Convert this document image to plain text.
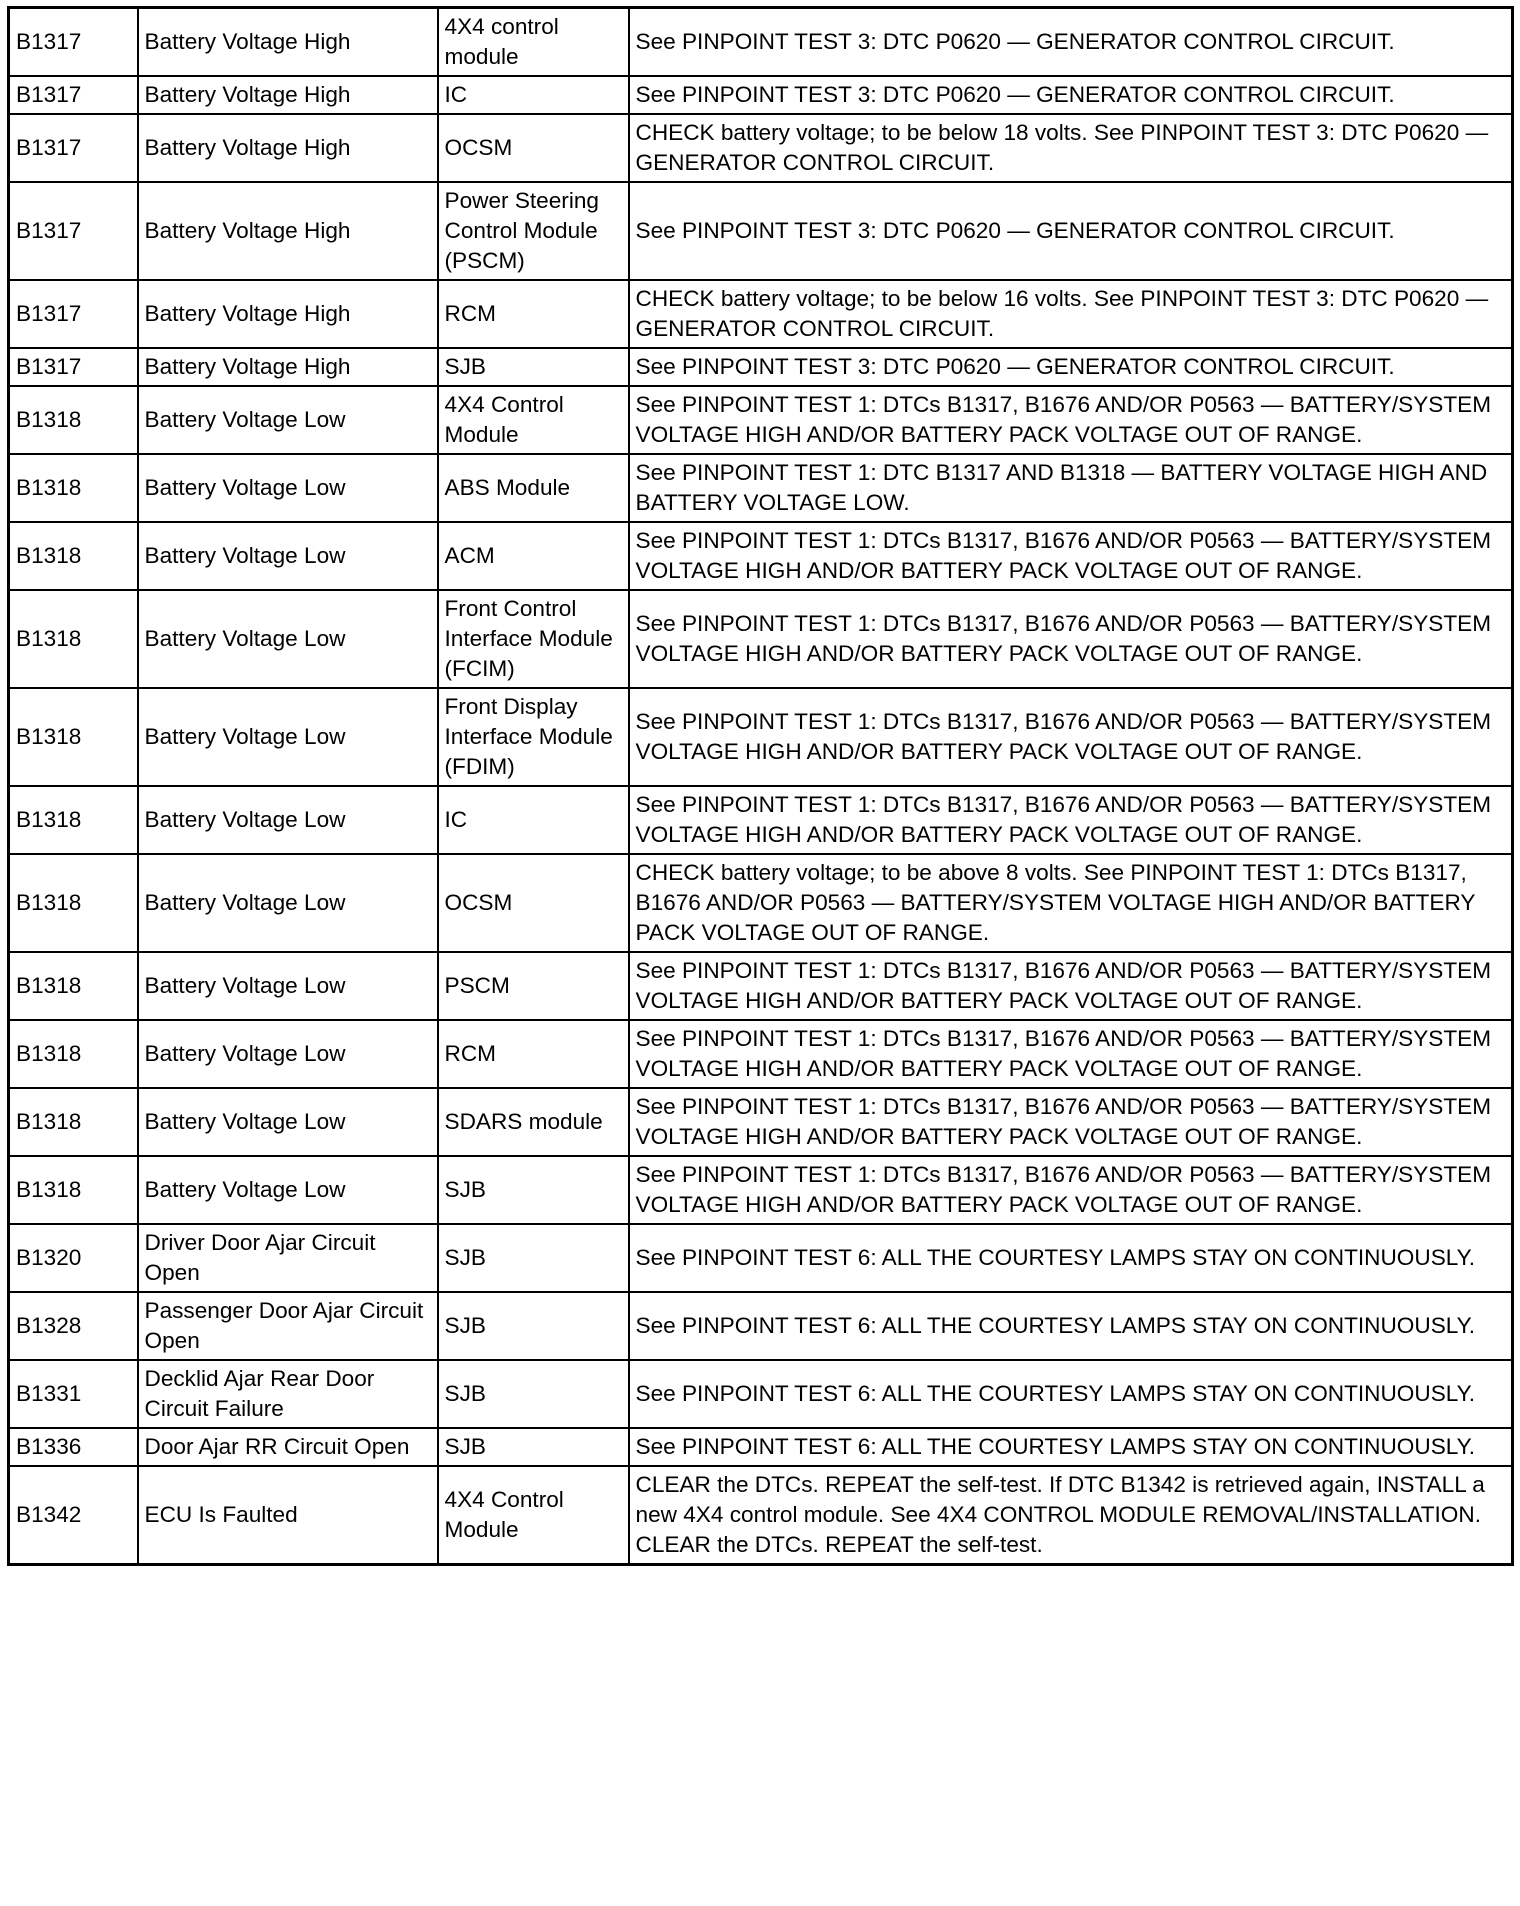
B1317	Battery Voltage High	4X4 control module	See PINPOINT TEST 3: DTC P0620 — GENERATOR CONTROL CIRCUIT.
B1317	Battery Voltage High	IC	See PINPOINT TEST 3: DTC P0620 — GENERATOR CONTROL CIRCUIT.
B1317	Battery Voltage High	OCSM	CHECK battery voltage; to be below 18 volts. See PINPOINT TEST 3: DTC P0620 — GENERATOR CONTROL CIRCUIT.
B1317	Battery Voltage High	Power Steering Control Module (PSCM)	See PINPOINT TEST 3: DTC P0620 — GENERATOR CONTROL CIRCUIT.
B1317	Battery Voltage High	RCM	CHECK battery voltage; to be below 16 volts. See PINPOINT TEST 3: DTC P0620 — GENERATOR CONTROL CIRCUIT.
B1317	Battery Voltage High	SJB	See PINPOINT TEST 3: DTC P0620 — GENERATOR CONTROL CIRCUIT.
B1318	Battery Voltage Low	4X4 Control Module	See PINPOINT TEST 1: DTCs B1317, B1676 AND/OR P0563 — BATTERY/SYSTEM VOLTAGE HIGH AND/OR BATTERY PACK VOLTAGE OUT OF RANGE.
B1318	Battery Voltage Low	ABS Module	See PINPOINT TEST 1: DTC B1317 AND B1318 — BATTERY VOLTAGE HIGH AND BATTERY VOLTAGE LOW.
B1318	Battery Voltage Low	ACM	See PINPOINT TEST 1: DTCs B1317, B1676 AND/OR P0563 — BATTERY/SYSTEM VOLTAGE HIGH AND/OR BATTERY PACK VOLTAGE OUT OF RANGE.
B1318	Battery Voltage Low	Front Control Interface Module (FCIM)	See PINPOINT TEST 1: DTCs B1317, B1676 AND/OR P0563 — BATTERY/SYSTEM VOLTAGE HIGH AND/OR BATTERY PACK VOLTAGE OUT OF RANGE.
B1318	Battery Voltage Low	Front Display Interface Module (FDIM)	See PINPOINT TEST 1: DTCs B1317, B1676 AND/OR P0563 — BATTERY/SYSTEM VOLTAGE HIGH AND/OR BATTERY PACK VOLTAGE OUT OF RANGE.
B1318	Battery Voltage Low	IC	See PINPOINT TEST 1: DTCs B1317, B1676 AND/OR P0563 — BATTERY/SYSTEM VOLTAGE HIGH AND/OR BATTERY PACK VOLTAGE OUT OF RANGE.
B1318	Battery Voltage Low	OCSM	CHECK battery voltage; to be above 8 volts. See PINPOINT TEST 1: DTCs B1317, B1676 AND/OR P0563 — BATTERY/SYSTEM VOLTAGE HIGH AND/OR BATTERY PACK VOLTAGE OUT OF RANGE.
B1318	Battery Voltage Low	PSCM	See PINPOINT TEST 1: DTCs B1317, B1676 AND/OR P0563 — BATTERY/SYSTEM VOLTAGE HIGH AND/OR BATTERY PACK VOLTAGE OUT OF RANGE.
B1318	Battery Voltage Low	RCM	See PINPOINT TEST 1: DTCs B1317, B1676 AND/OR P0563 — BATTERY/SYSTEM VOLTAGE HIGH AND/OR BATTERY PACK VOLTAGE OUT OF RANGE.
B1318	Battery Voltage Low	SDARS module	See PINPOINT TEST 1: DTCs B1317, B1676 AND/OR P0563 — BATTERY/SYSTEM VOLTAGE HIGH AND/OR BATTERY PACK VOLTAGE OUT OF RANGE.
B1318	Battery Voltage Low	SJB	See PINPOINT TEST 1: DTCs B1317, B1676 AND/OR P0563 — BATTERY/SYSTEM VOLTAGE HIGH AND/OR BATTERY PACK VOLTAGE OUT OF RANGE.
B1320	Driver Door Ajar Circuit Open	SJB	See PINPOINT TEST 6: ALL THE COURTESY LAMPS STAY ON CONTINUOUSLY.
B1328	Passenger Door Ajar Circuit Open	SJB	See PINPOINT TEST 6: ALL THE COURTESY LAMPS STAY ON CONTINUOUSLY.
B1331	Decklid Ajar Rear Door Circuit Failure	SJB	See PINPOINT TEST 6: ALL THE COURTESY LAMPS STAY ON CONTINUOUSLY.
B1336	Door Ajar RR Circuit Open	SJB	See PINPOINT TEST 6: ALL THE COURTESY LAMPS STAY ON CONTINUOUSLY.
B1342	ECU Is Faulted	4X4 Control Module	CLEAR the DTCs. REPEAT the self-test. If DTC B1342 is retrieved again, INSTALL a new 4X4 control module. See 4X4 CONTROL MODULE REMOVAL/INSTALLATION. CLEAR the DTCs. REPEAT the self-test.
